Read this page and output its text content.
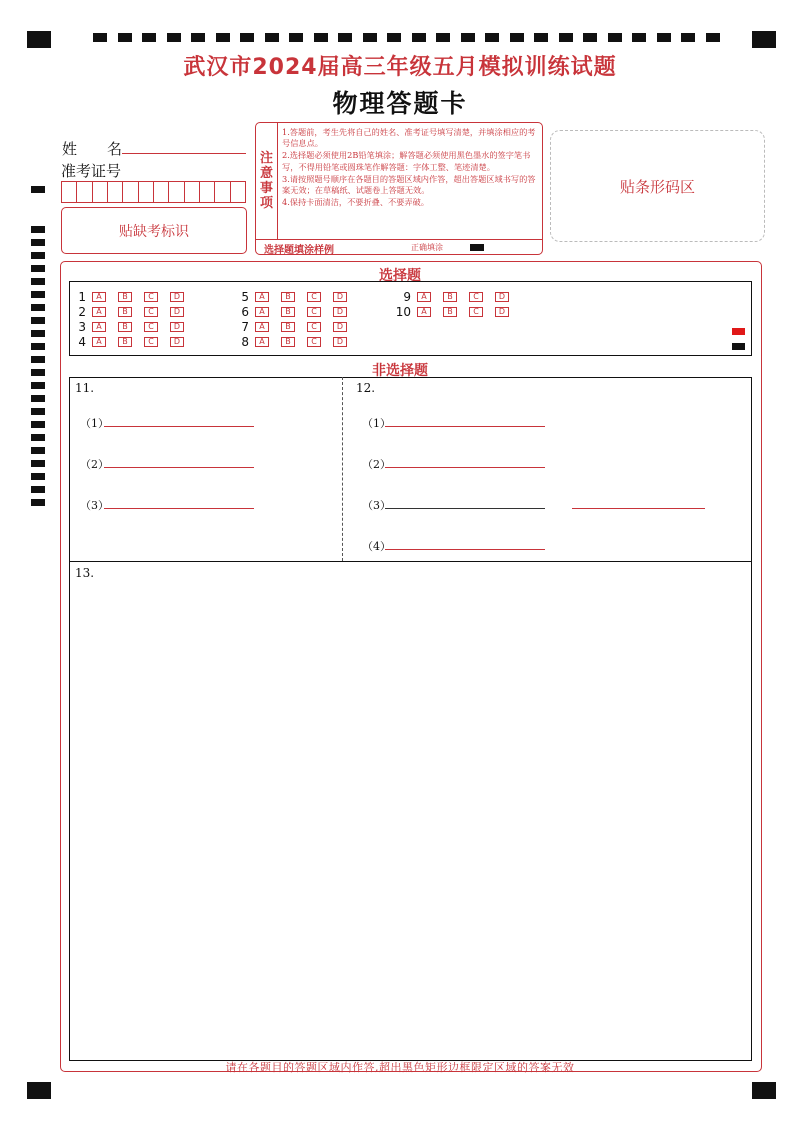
武汉市2024届高三年级五月模拟训练试题
物理答题卡
姓　　名
准考证号
贴缺考标识
注
意
事
项

1.答题前，考生先将自己的姓名、准考证号填写清楚，并填涂相应的考号信息点。

2.选择题必须使用2B铅笔填涂；解答题必须使用黑色墨水的签字笔书写，不得用铅笔或圆珠笔作解答题：字体工整、笔迹清楚。

3.请按照题号顺序在各题目的答题区域内作答，超出答题区域书写的答案无效；在草稿纸、试题卷上答题无效。

4.保持卡面清洁，不要折叠、不要弄破。

选择题填涂样例	正确填涂
贴条形码区
选择题
1	A	B	C	D
2	A	B	C	D
3	A	B	C	D
4	A	B	C	D
5	A	B	C	D
6	A	B	C	D
7	A	B	C	D
8	A	B	C	D
9	A	B	C	D
10	A	B	C	D
非选择题
11.
（1）
（2）
（3）
12.
（1）
（2）
（3）
（4）
13.
请在各题目的答题区域内作答,超出黑色矩形边框限定区域的答案无效
